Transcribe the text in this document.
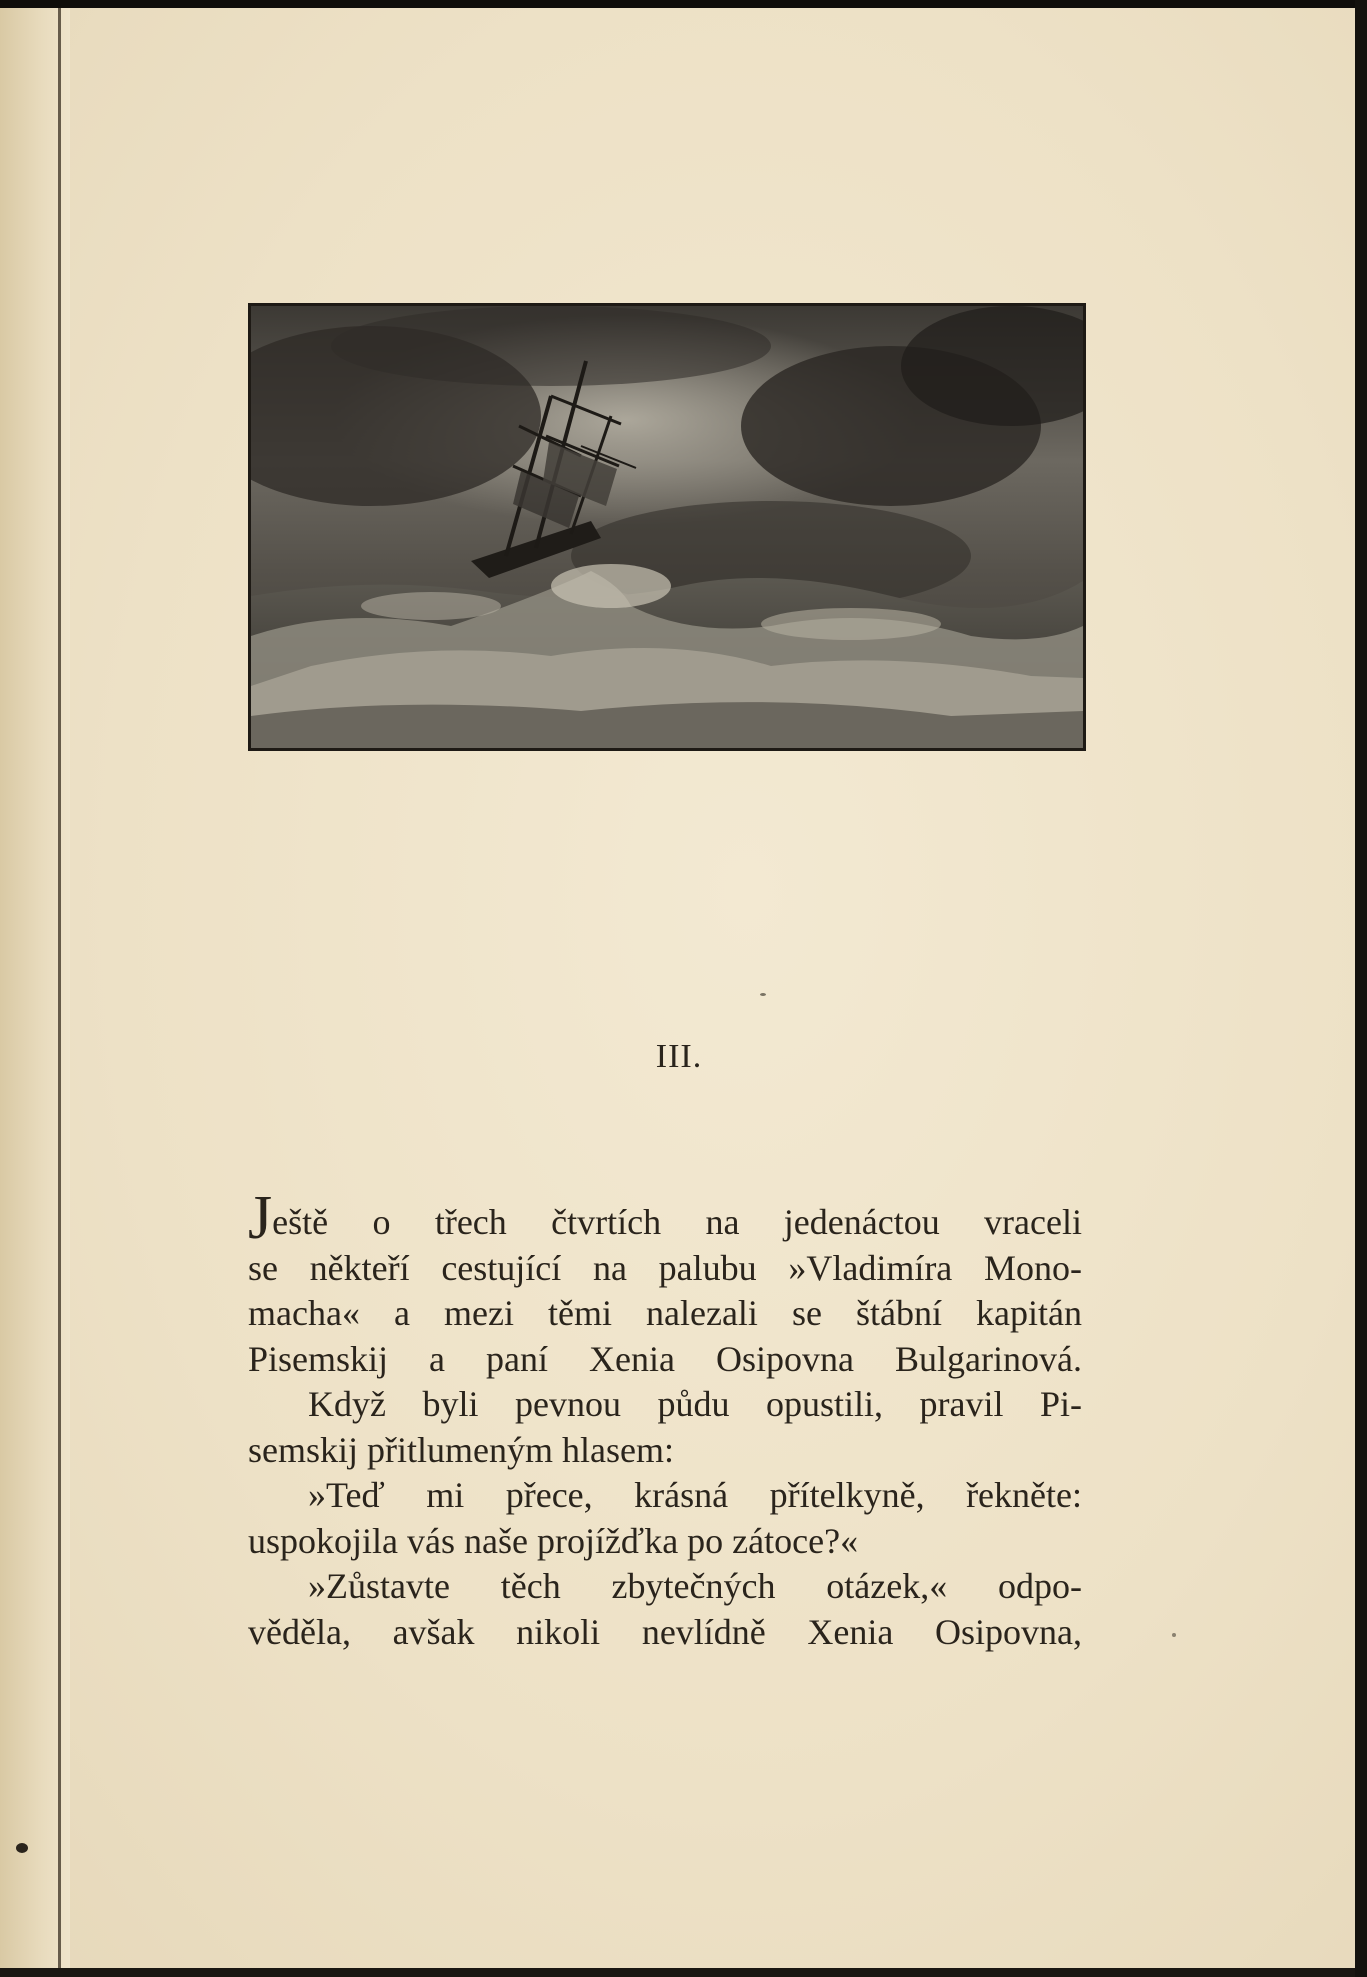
III.

Ještě o třech čtvrtích na jedenáctou vraceli
se někteří cestující na palubu »Vladimíra Mono-
macha« a mezi těmi nalezali se štábní kapitán
Pisemskij a paní Xenia Osipovna Bulgarinová.

Když byli pevnou půdu opustili, pravil Pi-
semskij přitlumeným hlasem:

»Teď mi přece, krásná přítelkyně, řekněte:
uspokojila vás naše projížďka po zátoce?«

»Zůstavte těch zbytečných otázek,« odpo-
věděla, avšak nikoli nevlídně Xenia Osipovna,
